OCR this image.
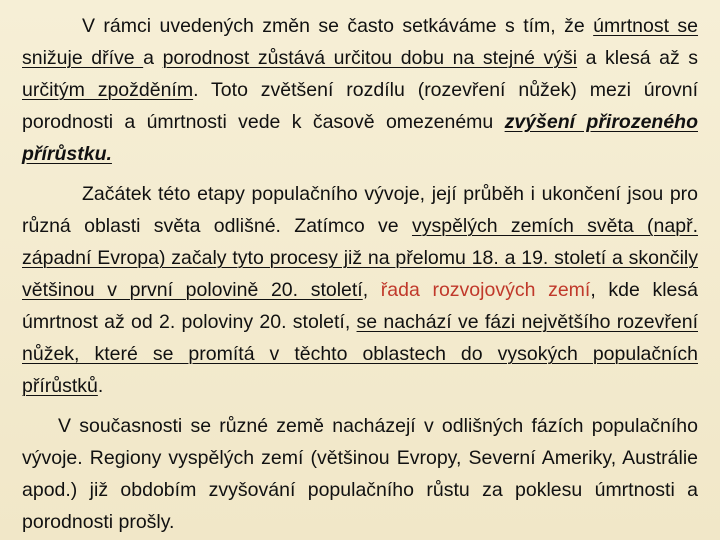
V rámci uvedených změn se často setkáváme s tím, že úmrtnost se snižuje dříve a porodnost zůstává určitou dobu na stejné výši a klesá až s určitým zpožděním. Toto zvětšení rozdílu (rozevření nůžek) mezi úrovní porodnosti a úmrtnosti vede k časově omezenému zvýšení přirozeného přírůstku.

Začátek této etapy populačního vývoje, její průběh i ukončení jsou pro různá oblasti světa odlišné. Zatímco ve vyspělých zemích světa (např. západní Evropa) začaly tyto procesy již na přelomu 18. a 19. století a skončily většinou v první polovině 20. století, řada rozvojových zemí, kde klesá úmrtnost až od 2. poloviny 20. století, se nachází ve fázi největšího rozevření nůžek, které se promítá v těchto oblastech do vysokých populačních přírůstků.

V současnosti se různé země nacházejí v odlišných fázích populačního vývoje. Regiony vyspělých zemí (většinou Evropy, Severní Ameriky, Austrálie apod.) již obdobím zvyšování populačního růstu za poklesu úmrtnosti a porodnosti prošly.
